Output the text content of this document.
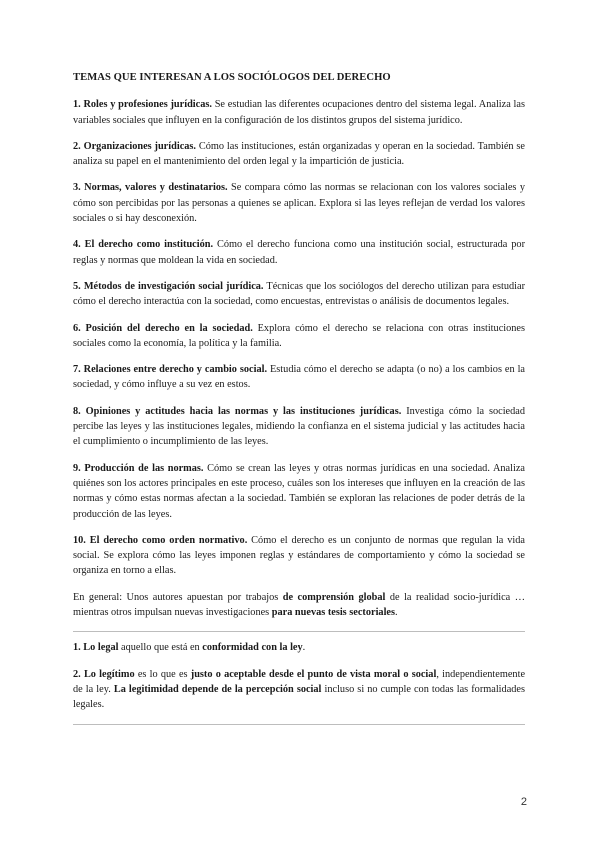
TEMAS QUE INTERESAN A LOS SOCIÓLOGOS DEL DERECHO
1. Roles y profesiones jurídicas. Se estudian las diferentes ocupaciones dentro del sistema legal. Analiza las variables sociales que influyen en la configuración de los distintos grupos del sistema jurídico.
2. Organizaciones jurídicas. Cómo las instituciones, están organizadas y operan en la sociedad. También se analiza su papel en el mantenimiento del orden legal y la impartición de justicia.
3. Normas, valores y destinatarios. Se compara cómo las normas se relacionan con los valores sociales y cómo son percibidas por las personas a quienes se aplican. Explora si las leyes reflejan de verdad los valores sociales o si hay desconexión.
4. El derecho como institución. Cómo el derecho funciona como una institución social, estructurada por reglas y normas que moldean la vida en sociedad.
5. Métodos de investigación social jurídica. Técnicas que los sociólogos del derecho utilizan para estudiar cómo el derecho interactúa con la sociedad, como encuestas, entrevistas o análisis de documentos legales.
6. Posición del derecho en la sociedad. Explora cómo el derecho se relaciona con otras instituciones sociales como la economía, la política y la familia.
7. Relaciones entre derecho y cambio social. Estudia cómo el derecho se adapta (o no) a los cambios en la sociedad, y cómo influye a su vez en estos.
8. Opiniones y actitudes hacia las normas y las instituciones jurídicas. Investiga cómo la sociedad percibe las leyes y las instituciones legales, midiendo la confianza en el sistema judicial y las actitudes hacia el cumplimiento o incumplimiento de las leyes.
9. Producción de las normas. Cómo se crean las leyes y otras normas jurídicas en una sociedad. Analiza quiénes son los actores principales en este proceso, cuáles son los intereses que influyen en la creación de las normas y cómo estas normas afectan a la sociedad. También se exploran las relaciones de poder detrás de la producción de las leyes.
10. El derecho como orden normativo. Cómo el derecho es un conjunto de normas que regulan la vida social. Se explora cómo las leyes imponen reglas y estándares de comportamiento y cómo la sociedad se organiza en torno a ellas.
En general: Unos autores apuestan por trabajos de comprensión global de la realidad socio-jurídica …mientras otros impulsan nuevas investigaciones para nuevas tesis sectoriales.
1. Lo legal aquello que está en conformidad con la ley.
2. Lo legítimo es lo que es justo o aceptable desde el punto de vista moral o social, independientemente de la ley. La legitimidad depende de la percepción social incluso si no cumple con todas las formalidades legales.
2
